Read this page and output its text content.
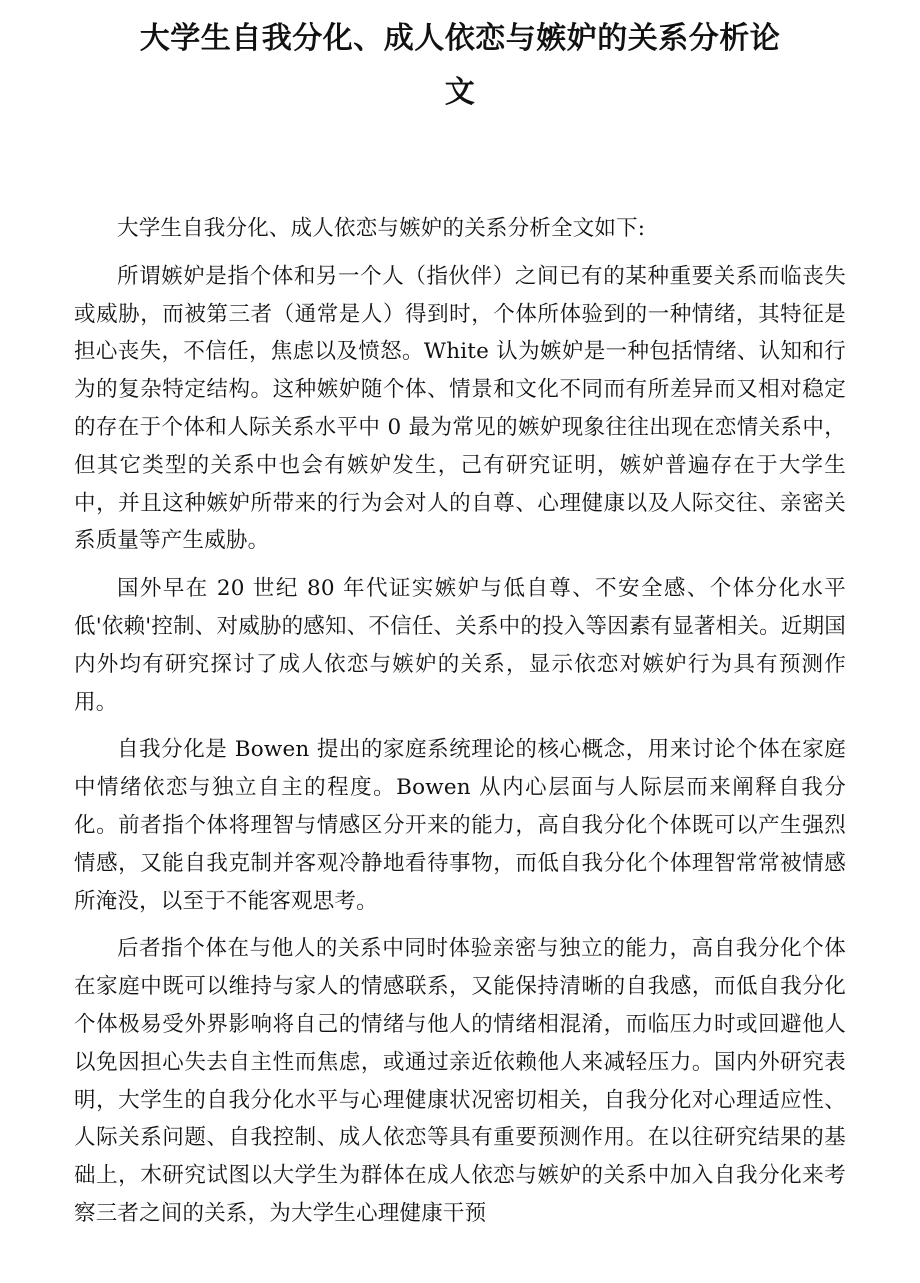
大学生自我分化、成人依恋与嫉妒的关系分析论
文

大学生自我分化、成人依恋与嫉妒的关系分析全文如下:

所谓嫉妒是指个体和另一个人（指伙伴）之间已有的某种重要关系而临丧失或威胁，而被第三者（通常是人）得到时，个体所体验到的一种情绪，其特征是担心丧失，不信任，焦虑以及愤怒。White 认为嫉妒是一种包括情绪、认知和行为的复杂特定结构。这种嫉妒随个体、情景和文化不同而有所差异而又相对稳定的存在于个体和人际关系水平中 0 最为常见的嫉妒现象往往出现在恋情关系中，但其它类型的关系中也会有嫉妒发生，己有研究证明，嫉妒普遍存在于大学生中，并且这种嫉妒所带来的行为会对人的自尊、心理健康以及人际交往、亲密关系质量等产生威胁。

国外早在 20 世纪 80 年代证实嫉妒与低自尊、不安全感、个体分化水平低'依赖'控制、对威胁的感知、不信任、关系中的投入等因素有显著相关。近期国内外均有研究探讨了成人依恋与嫉妒的关系，显示依恋对嫉妒行为具有预测作用。

自我分化是 Bowen 提出的家庭系统理论的核心概念，用来讨论个体在家庭中情绪依恋与独立自主的程度。Bowen 从内心层面与人际层而来阐释自我分化。前者指个体将理智与情感区分开来的能力，高自我分化个体既可以产生强烈情感，又能自我克制并客观冷静地看待事物，而低自我分化个体理智常常被情感所淹没，以至于不能客观思考。

后者指个体在与他人的关系中同时体验亲密与独立的能力，高自我分化个体在家庭中既可以维持与家人的情感联系，又能保持清晰的自我感，而低自我分化个体极易受外界影响将自己的情绪与他人的情绪相混淆，而临压力时或回避他人以免因担心失去自主性而焦虑，或通过亲近依赖他人来减轻压力。国内外研究表明，大学生的自我分化水平与心理健康状况密切相关，自我分化对心理适应性、人际关系问题、自我控制、成人依恋等具有重要预测作用。在以往研究结果的基础上，木研究试图以大学生为群体在成人依恋与嫉妒的关系中加入自我分化来考察三者之间的关系，为大学生心理健康干预
